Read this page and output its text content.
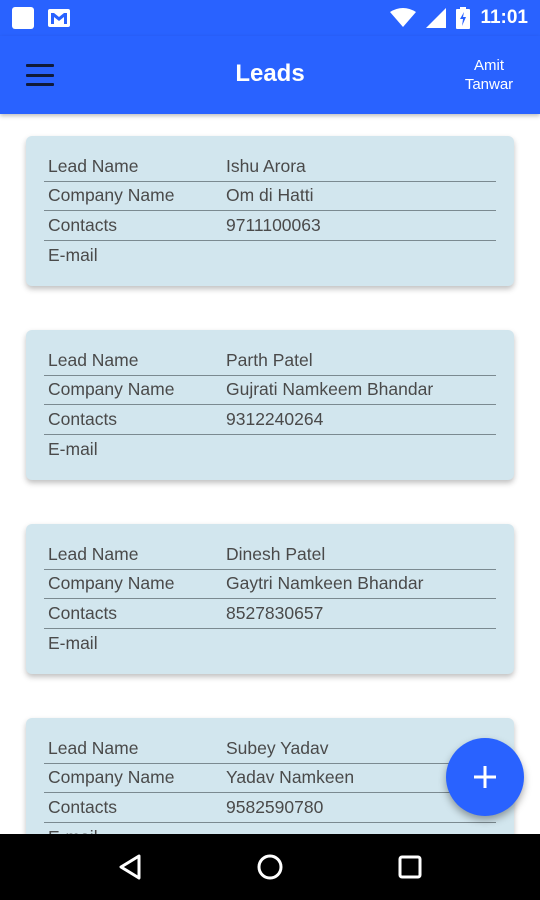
11:01
Leads	Amit
Tanwar
Lead Name	Ishu Arora
Company Name	Om di Hatti
Contacts	9711100063
E-mail
Lead Name	Parth Patel
Company Name	Gujrati Namkeem Bhandar
Contacts	9312240264
E-mail
Lead Name	Dinesh Patel
Company Name	Gaytri Namkeen Bhandar
Contacts	8527830657
E-mail
Lead Name	Subey Yadav
Company Name	Yadav Namkeen
Contacts	9582590780
